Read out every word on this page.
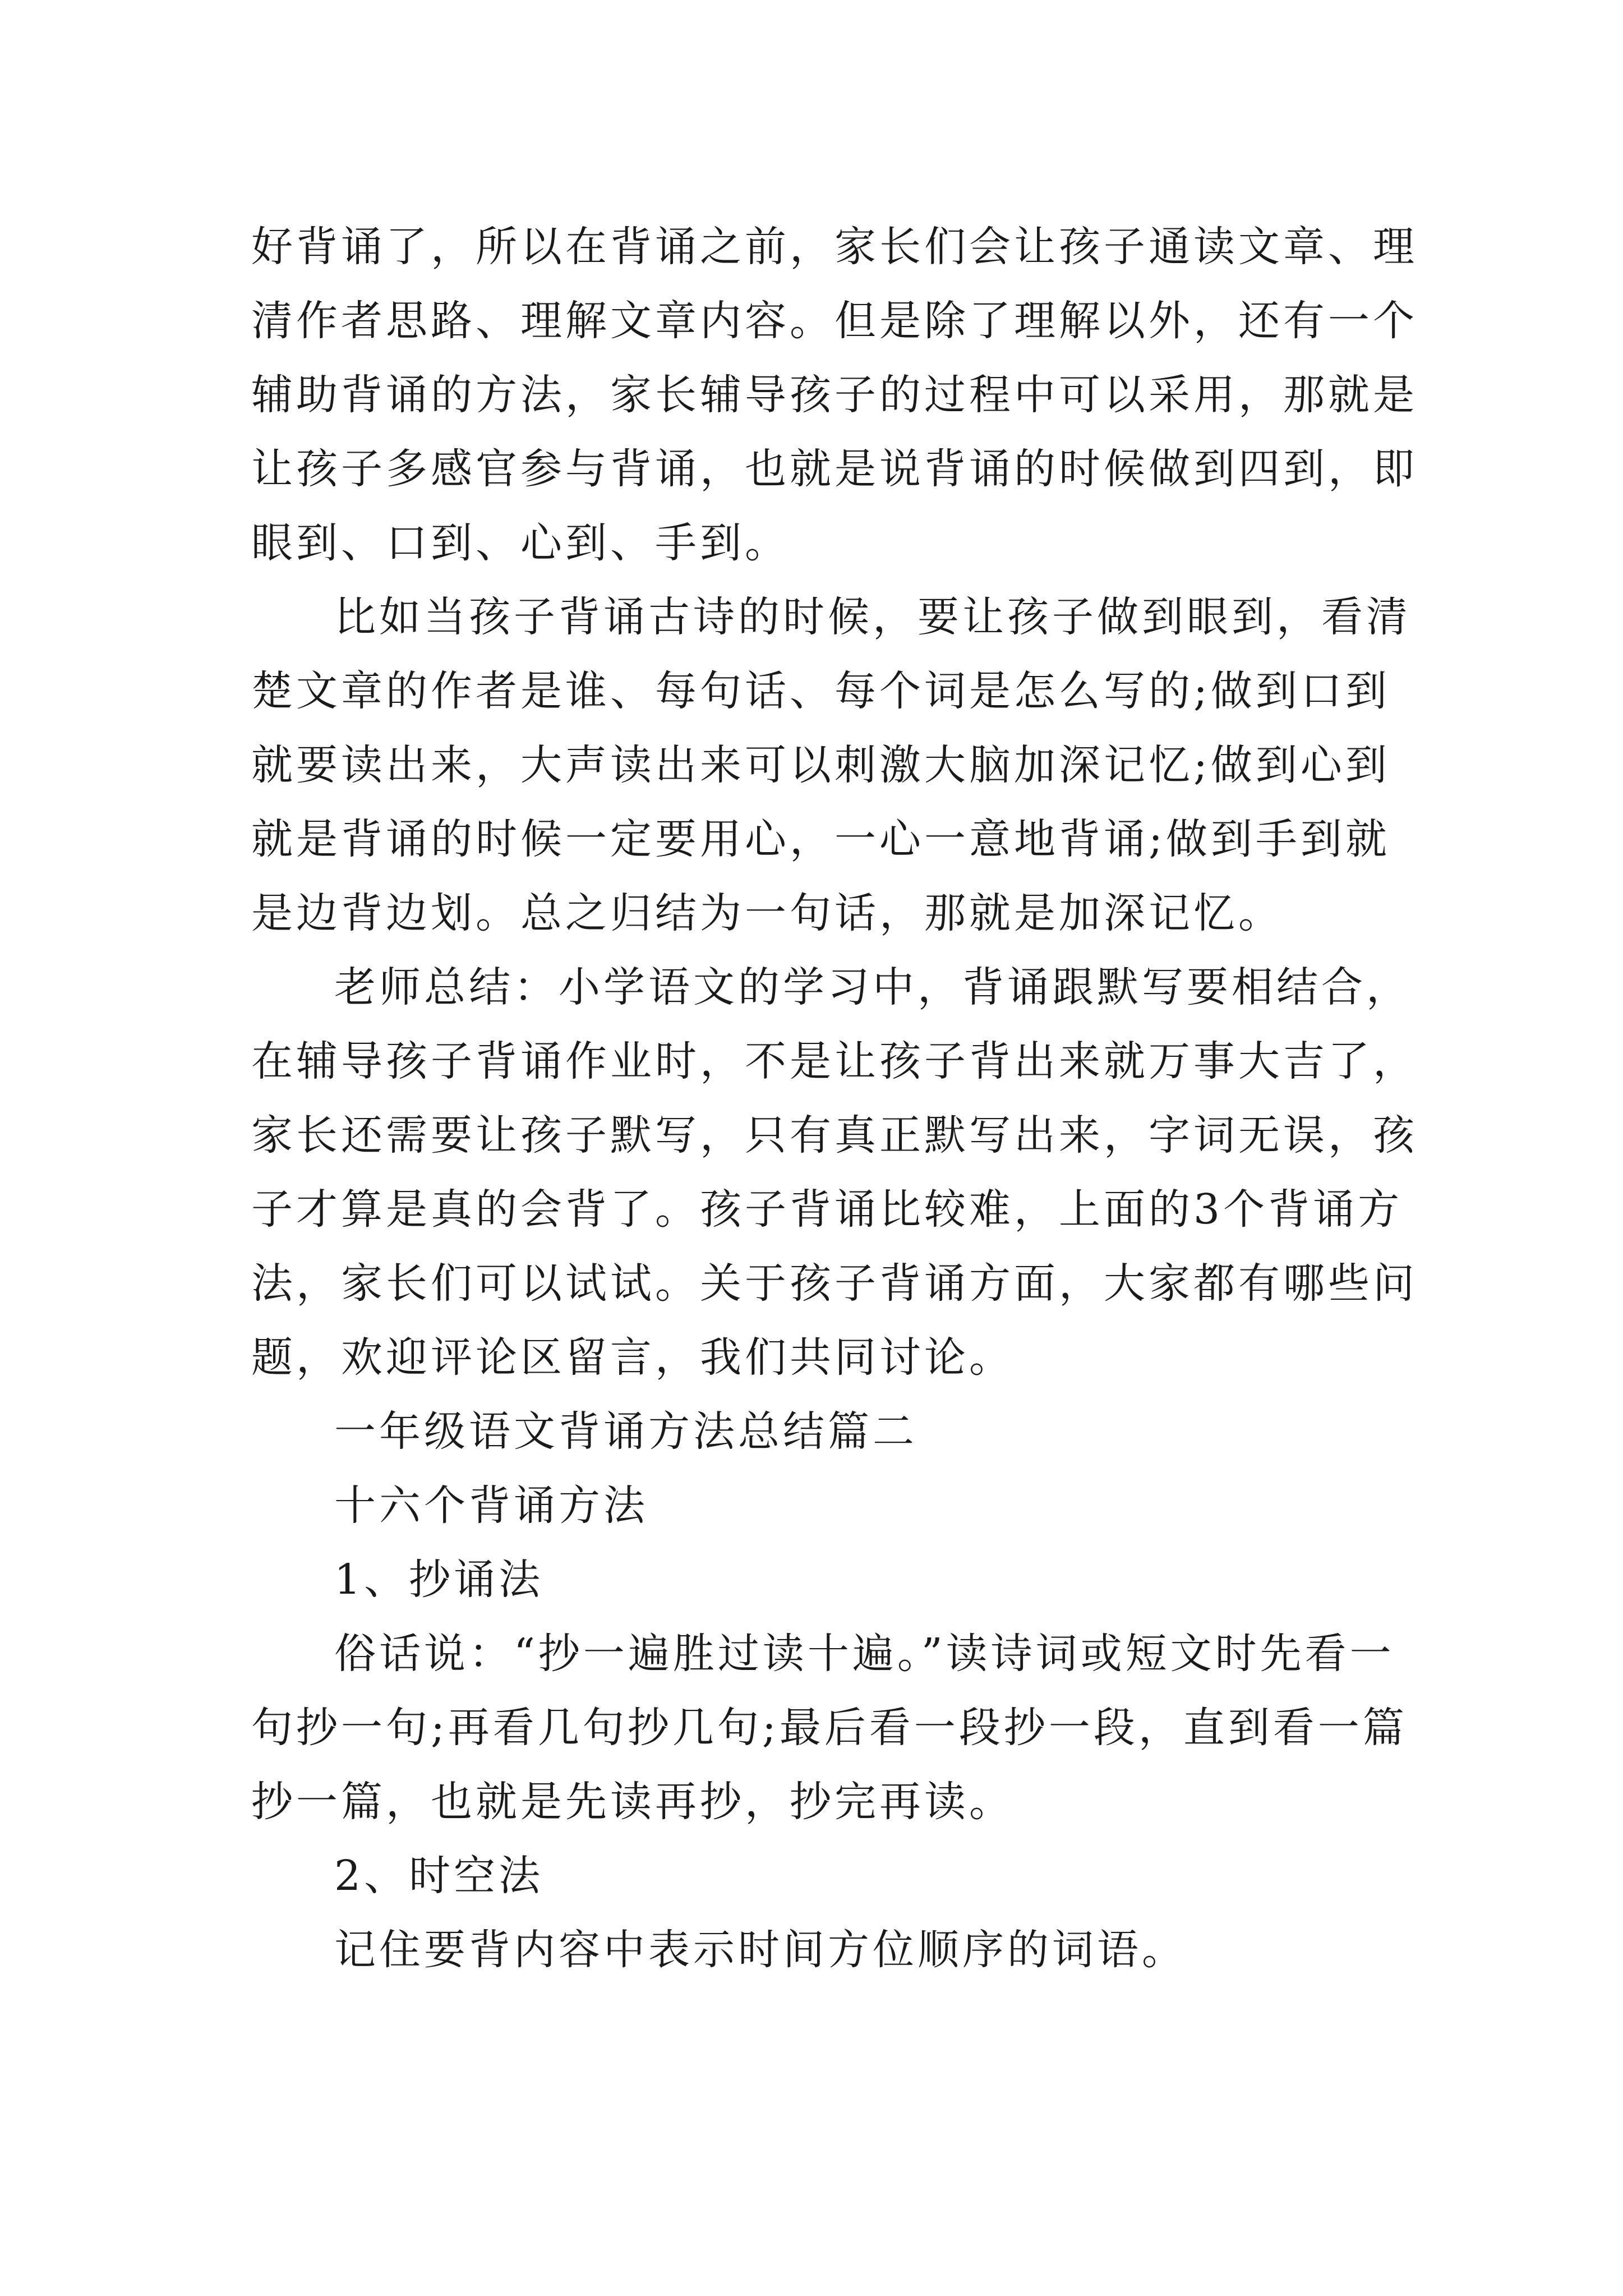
好背诵了，所以在背诵之前，家长们会让孩子通读文章、理
清作者思路、理解文章内容。但是除了理解以外，还有一个
辅助背诵的方法，家长辅导孩子的过程中可以采用，那就是
让孩子多感官参与背诵，也就是说背诵的时候做到四到，即
眼到、口到、心到、手到。
比如当孩子背诵古诗的时候，要让孩子做到眼到，看清
楚文章的作者是谁、每句话、每个词是怎么写的;做到口到
就要读出来，大声读出来可以刺激大脑加深记忆;做到心到
就是背诵的时候一定要用心，一心一意地背诵;做到手到就
是边背边划。总之归结为一句话，那就是加深记忆。
老师总结：小学语文的学习中，背诵跟默写要相结合，
在辅导孩子背诵作业时，不是让孩子背出来就万事大吉了，
家长还需要让孩子默写，只有真正默写出来，字词无误，孩
子才算是真的会背了。孩子背诵比较难，上面的3个背诵方
法，家长们可以试试。关于孩子背诵方面，大家都有哪些问
题，欢迎评论区留言，我们共同讨论。
一年级语文背诵方法总结篇二
十六个背诵方法
1、抄诵法
俗话说：“抄一遍胜过读十遍。”读诗词或短文时先看一
句抄一句;再看几句抄几句;最后看一段抄一段，直到看一篇
抄一篇，也就是先读再抄，抄完再读。
2、时空法
记住要背内容中表示时间方位顺序的词语。
